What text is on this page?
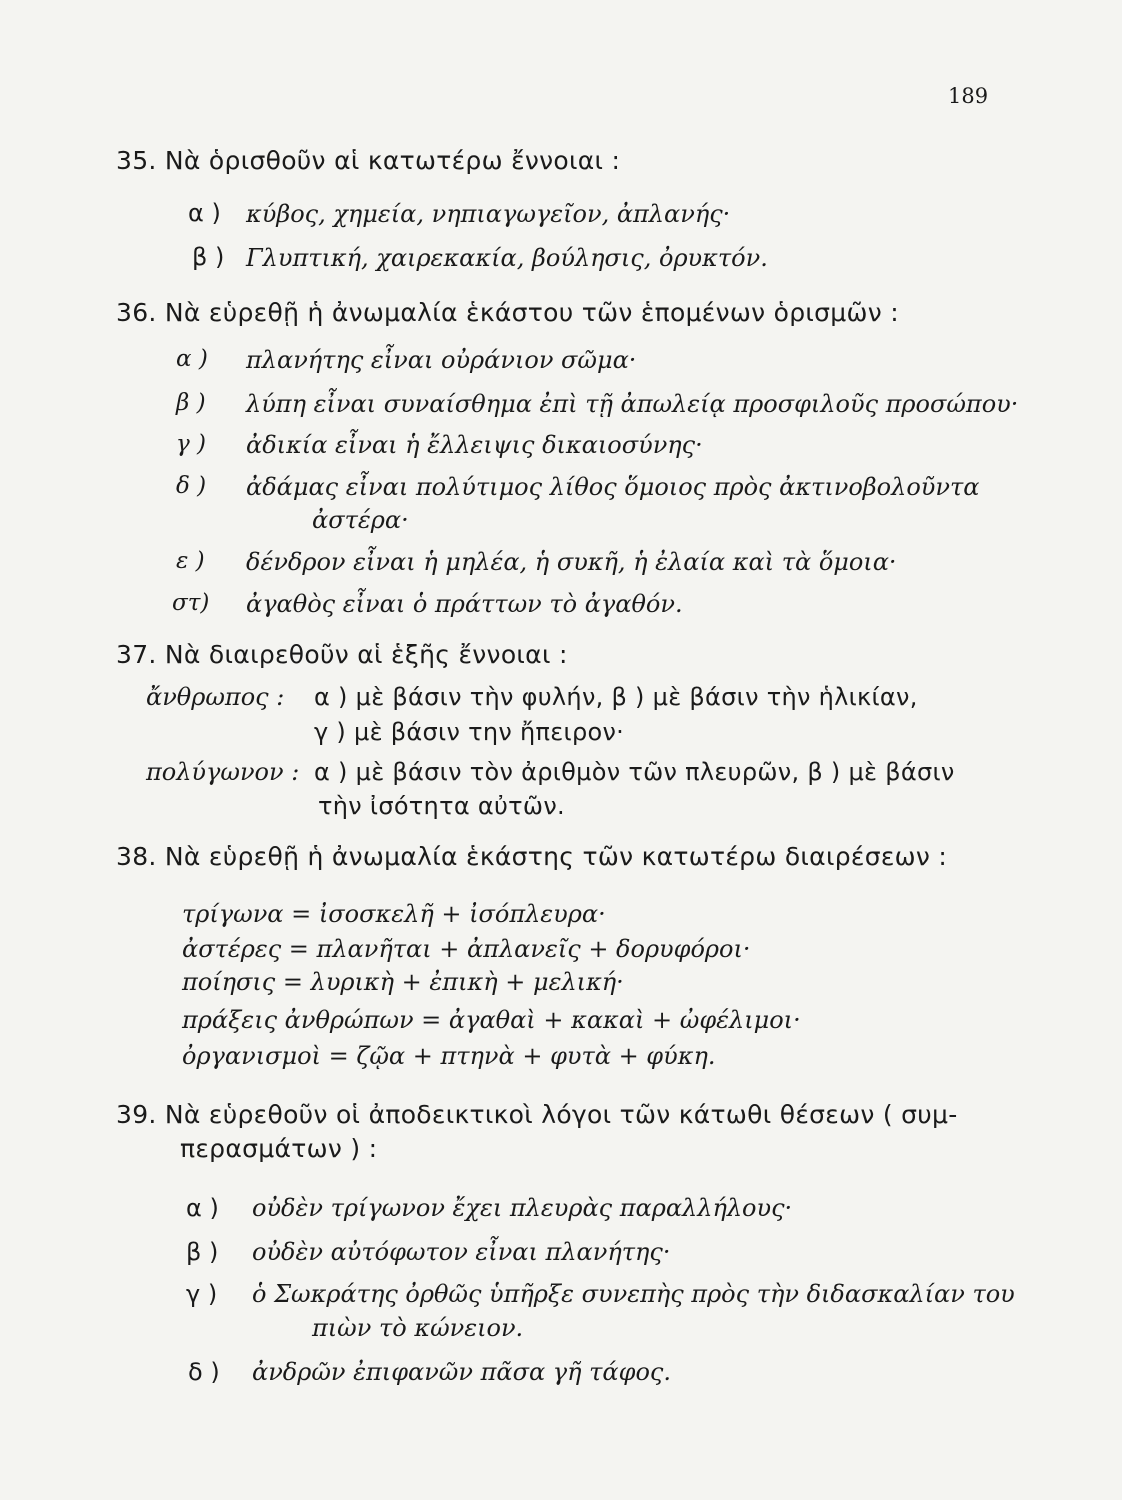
189
35. Νὰ ὁρισθοῦν αἱ κατωτέρω ἔννοιαι :
α ) κύβος, χημεία, νηπιαγωγεῖον, ἀπλανής·
β ) Γλυπτική, χαιρεκακία, βούλησις, ὀρυκτόν.
36. Νὰ εὑρεθῇ ἡ ἀνωμαλία ἑκάστου τῶν ἑπομένων ὁρισμῶν :
α ) πλανήτης εἶναι οὐράνιον σῶμα·
β ) λύπη εἶναι συναίσθημα ἐπὶ τῇ ἀπωλείᾳ προσφιλοῦς προσώπου·
γ ) ἀδικία εἶναι ἡ ἔλλειψις δικαιοσύνης·
δ ) ἀδάμας εἶναι πολύτιμος λίθος ὅμοιος πρὸς ἀκτινοβολοῦντα
ἀστέρα·
ε ) δένδρον εἶναι ἡ μηλέα, ἡ συκῆ, ἡ ἐλαία καὶ τὰ ὅμοια·
στ) ἀγαθὸς εἶναι ὁ πράττων τὸ ἀγαθόν.
37. Νὰ διαιρεθοῦν αἱ ἑξῆς ἔννοιαι :
ἄνθρωπος : α ) μὲ βάσιν τὴν φυλήν, β ) μὲ βάσιν τὴν ἡλικίαν,
γ ) μὲ βάσιν την ἤπειρον·
πολύγωνον : α ) μὲ βάσιν τὸν ἀριθμὸν τῶν πλευρῶν, β ) μὲ βάσιν
τὴν ἰσότητα αὐτῶν.
38. Νὰ εὑρεθῇ ἡ ἀνωμαλία ἑκάστης τῶν κατωτέρω διαιρέσεων :
τρίγωνα = ἰσοσκελῆ + ἰσόπλευρα·
ἀστέρες = πλανῆται + ἀπλανεῖς + δορυφόροι·
ποίησις = λυρικὴ + ἐπικὴ + μελική·
πράξεις ἀνθρώπων = ἀγαθαὶ + κακαὶ + ὠφέλιμοι·
ὀργανισμοὶ = ζῷα + πτηνὰ + φυτὰ + φύκη.
39. Νὰ εὑρεθοῦν οἱ ἀποδεικτικοὶ λόγοι τῶν κάτωθι θέσεων ( συμ-
περασμάτων ) :
α ) οὐδὲν τρίγωνον ἔχει πλευρὰς παραλλήλους·
β ) οὐδὲν αὐτόφωτον εἶναι πλανήτης·
γ ) ὁ Σωκράτης ὀρθῶς ὑπῆρξε συνεπὴς πρὸς τὴν διδασκαλίαν του
πιὼν τὸ κώνειον.
δ ) ἀνδρῶν ἐπιφανῶν πᾶσα γῆ τάφος.
